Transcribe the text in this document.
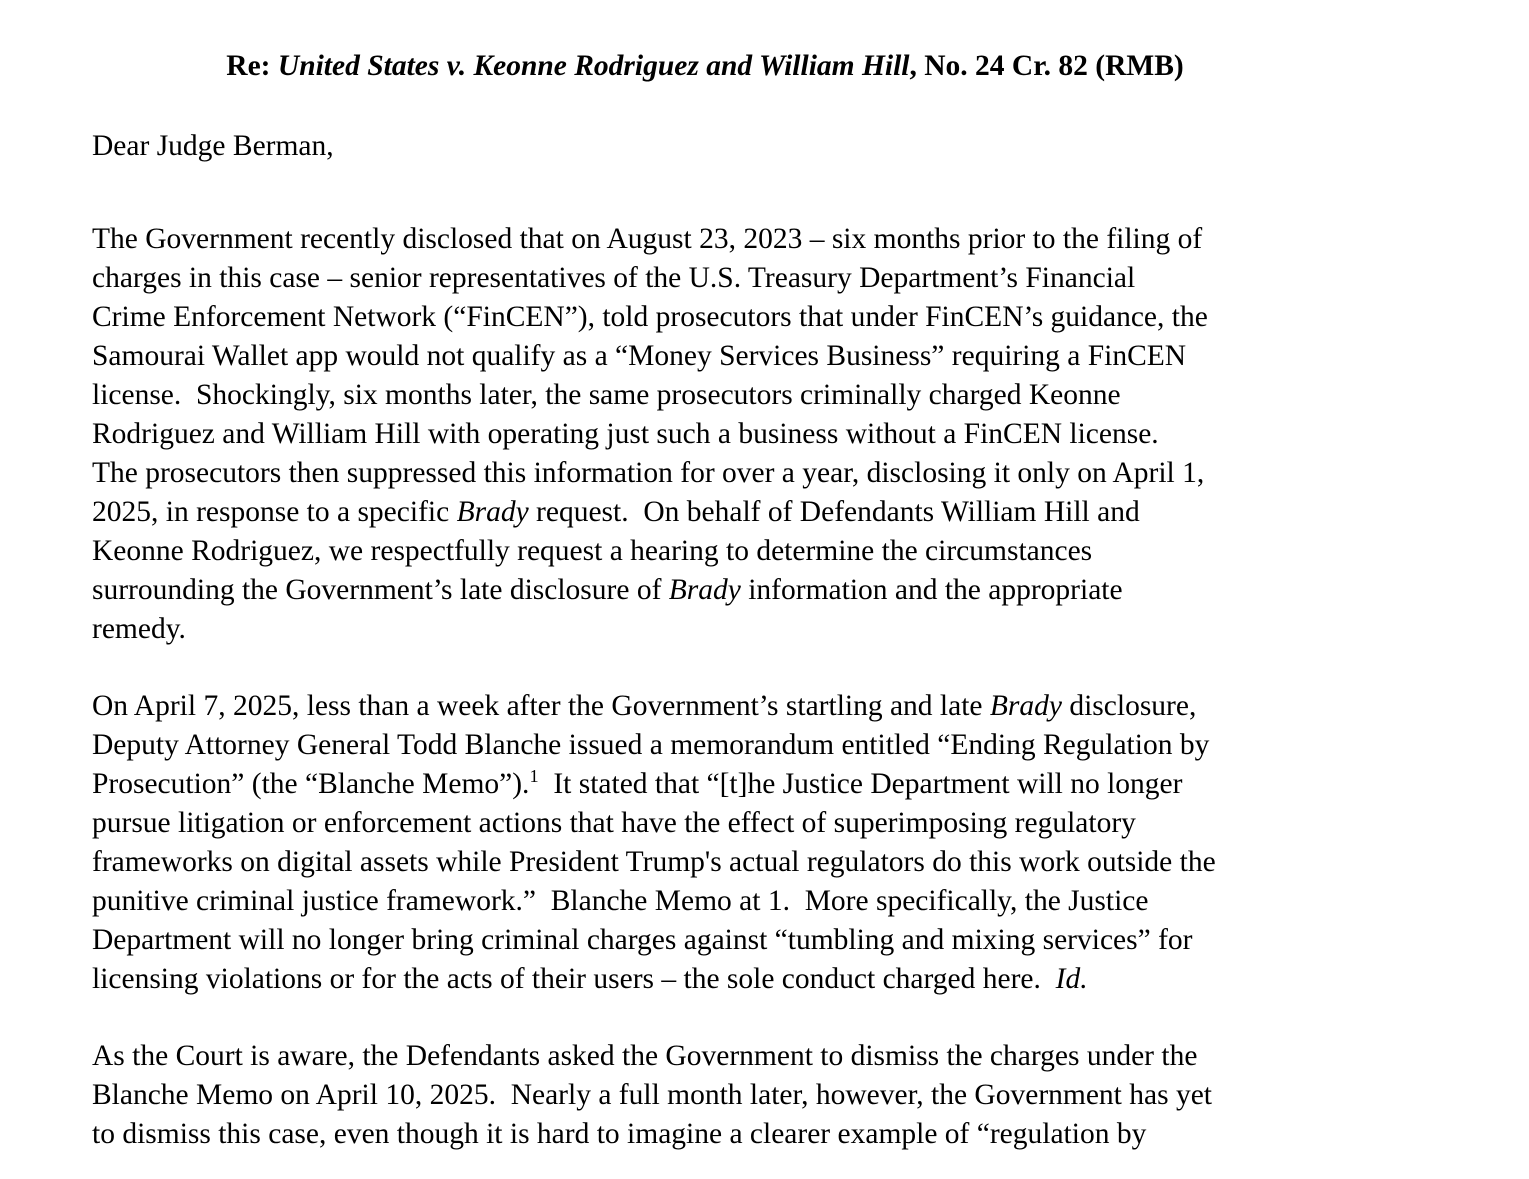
Re: United States v. Keonne Rodriguez and William Hill, No. 24 Cr. 82 (RMB)
Dear Judge Berman,
The Government recently disclosed that on August 23, 2023 – six months prior to the filing of
charges in this case – senior representatives of the U.S. Treasury Department’s Financial
Crime Enforcement Network (“FinCEN”), told prosecutors that under FinCEN’s guidance, the
Samourai Wallet app would not qualify as a “Money Services Business” requiring a FinCEN
license.  Shockingly, six months later, the same prosecutors criminally charged Keonne
Rodriguez and William Hill with operating just such a business without a FinCEN license.
The prosecutors then suppressed this information for over a year, disclosing it only on April 1,
2025, in response to a specific Brady request.  On behalf of Defendants William Hill and
Keonne Rodriguez, we respectfully request a hearing to determine the circumstances
surrounding the Government’s late disclosure of Brady information and the appropriate
remedy.
On April 7, 2025, less than a week after the Government’s startling and late Brady disclosure,
Deputy Attorney General Todd Blanche issued a memorandum entitled “Ending Regulation by
Prosecution” (the “Blanche Memo”).$^1$  It stated that “[t]he Justice Department will no longer
pursue litigation or enforcement actions that have the effect of superimposing regulatory
frameworks on digital assets while President Trump's actual regulators do this work outside the
punitive criminal justice framework.”  Blanche Memo at 1.  More specifically, the Justice
Department will no longer bring criminal charges against “tumbling and mixing services” for
licensing violations or for the acts of their users – the sole conduct charged here.  Id.
As the Court is aware, the Defendants asked the Government to dismiss the charges under the
Blanche Memo on April 10, 2025.  Nearly a full month later, however, the Government has yet
to dismiss this case, even though it is hard to imagine a clearer example of “regulation by
